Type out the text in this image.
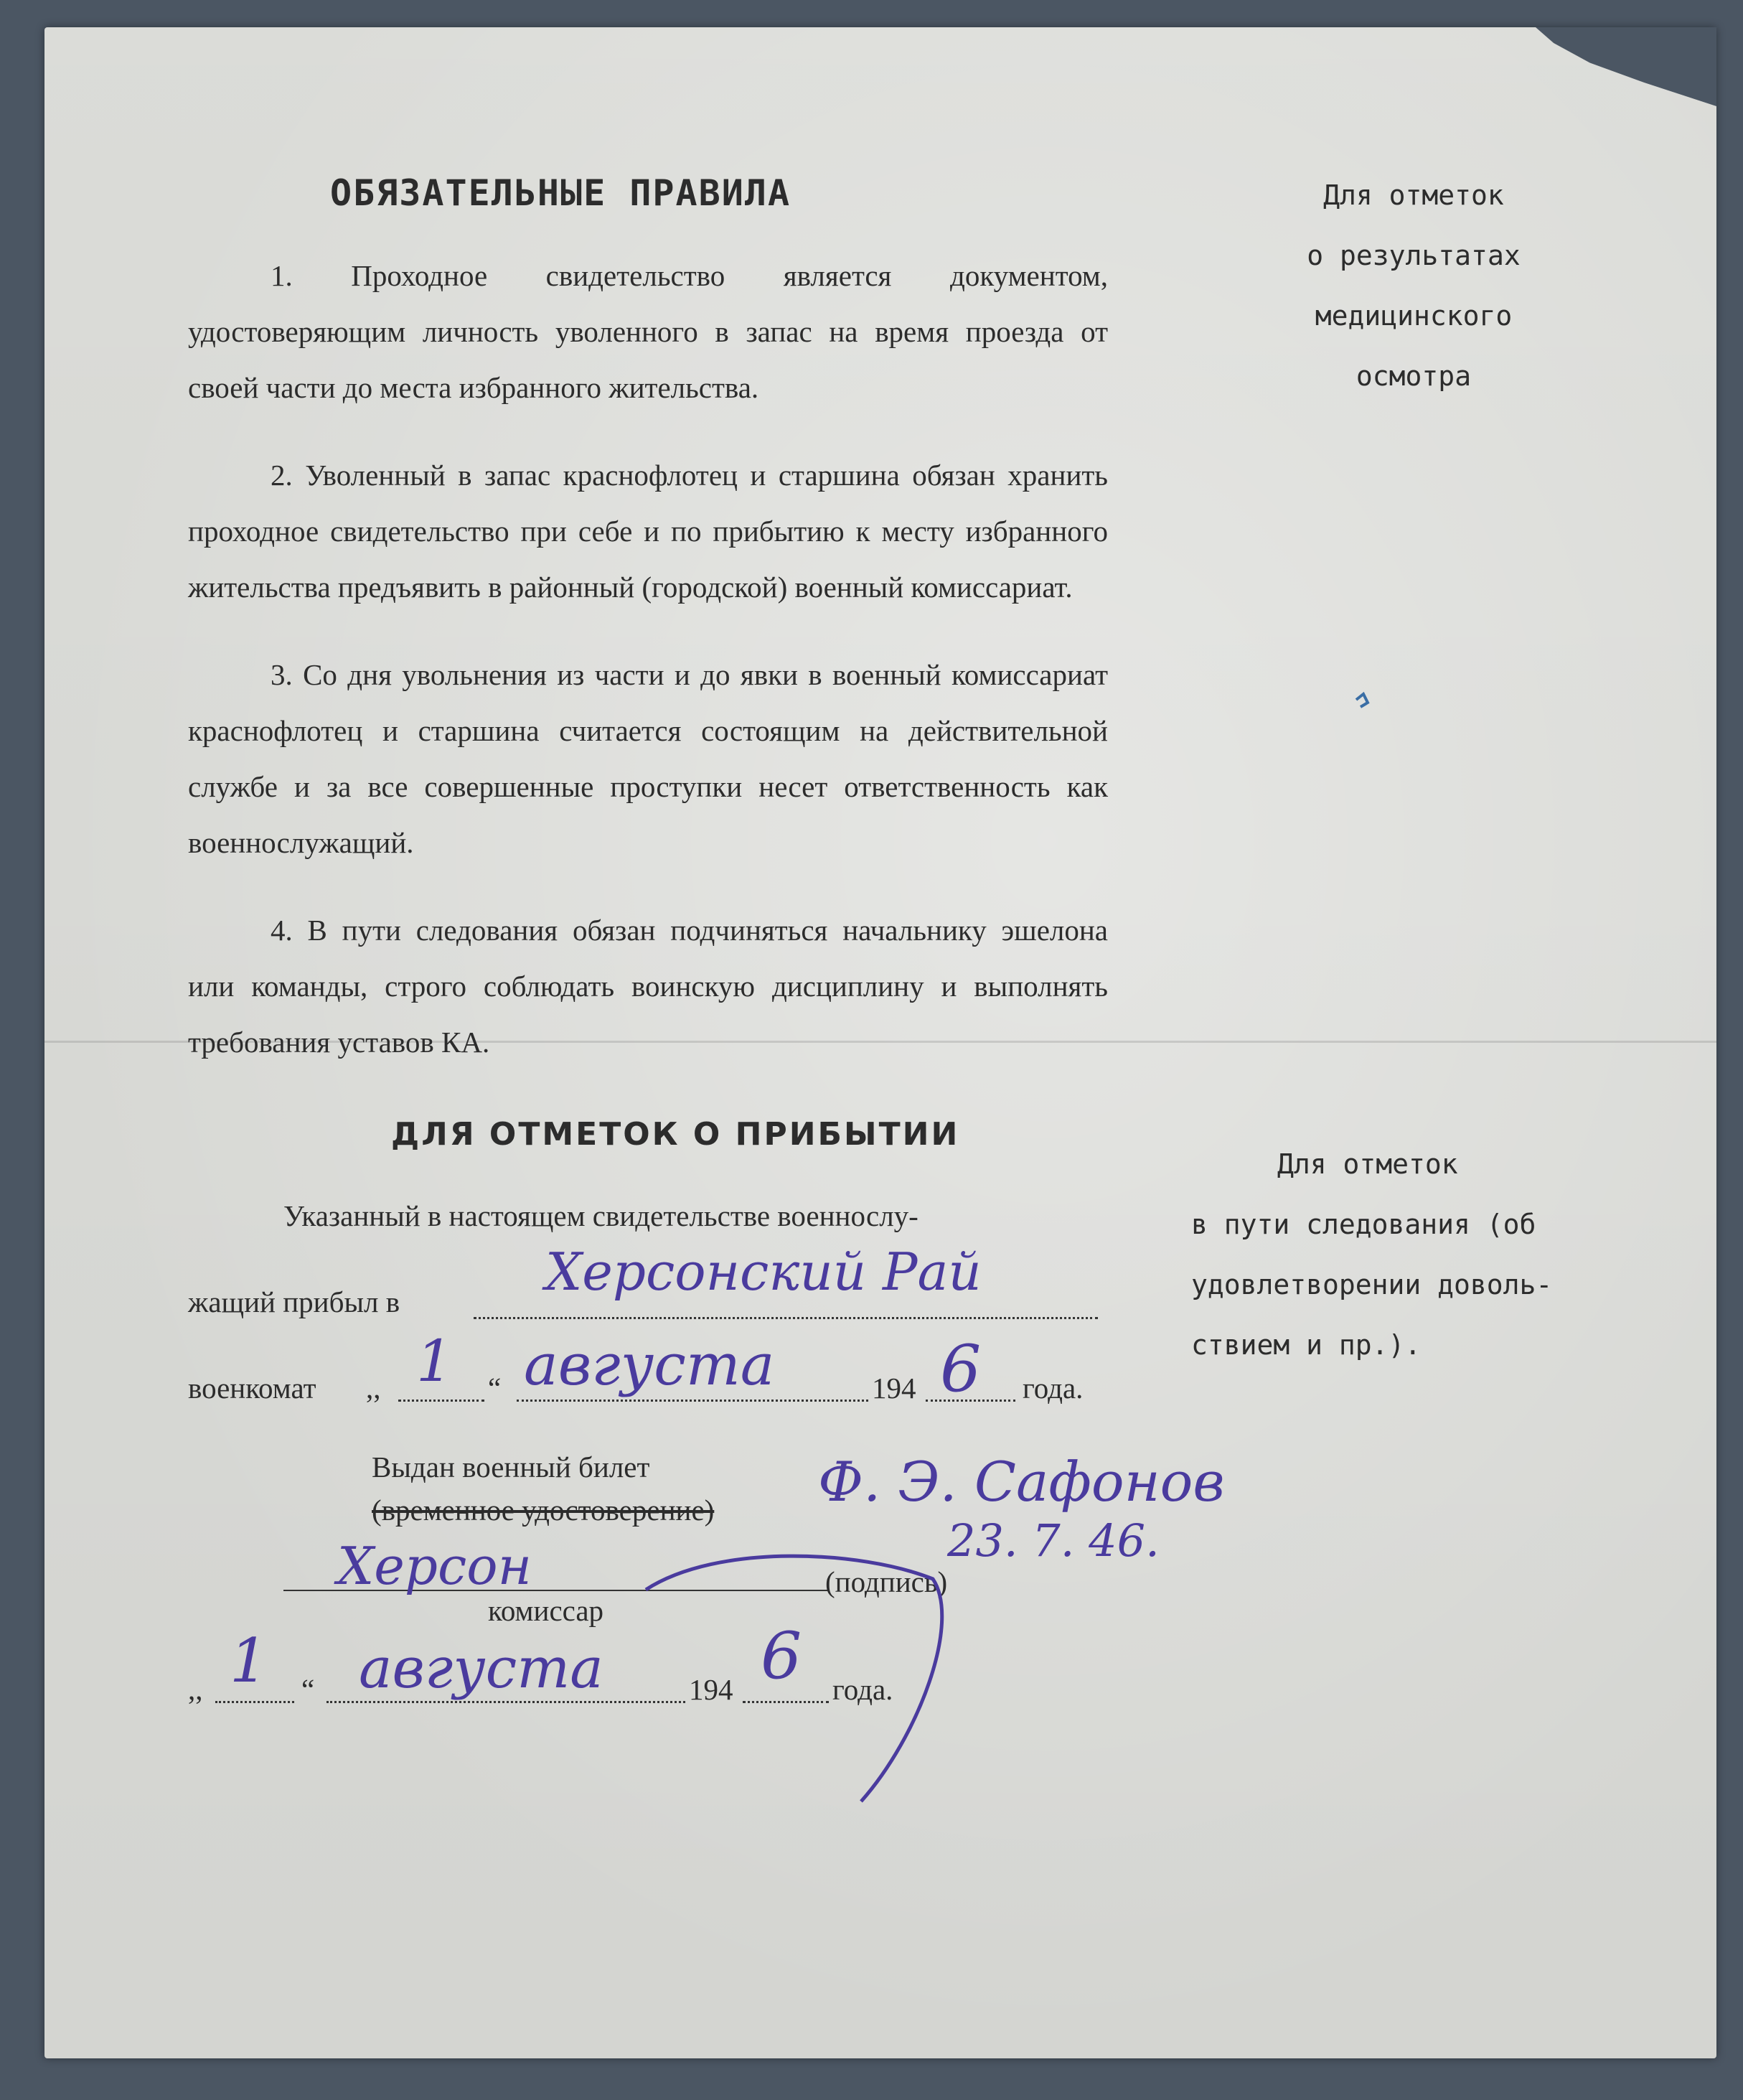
ОБЯЗАТЕЛЬНЫЕ ПРАВИЛА

1. Проходное свидетельство является документом, удостоверяющим личность уволенного в запас на время проезда от своей части до места избранного жительства.

2. Уволенный в запас краснофлотец и старшина обязан хранить проходное свидетельство при себе и по прибытию к месту избранного жительства предъявить в районный (городской) военный комиссариат.

3. Со дня увольнения из части и до явки в военный комиссариат краснофлотец и старшина считается состоящим на действительной службе и за все совершенные проступки несет ответственность как военнослужащий.

4. В пути следования обязан подчиняться начальнику эшелона или команды, строго соблюдать воинскую дисциплину и выполнять требования уставов КА.

Для отметок
о результатах
медицинского
осмотра
ДЛЯ ОТМЕТОК О ПРИБЫТИИ
Указанный в настоящем свидетельстве военнослу-
жащий прибыл в	Херсонский Рай
военкомат ,, 1 “ августа	194 6 года.
Выдан военный билет
(временное удостоверение) Ф. Э. Сафонов
23. 7. 46.
Херсон	(подпись)
комиссар
,, 1 “ августа	194 6 года.
Для отметок
в пути следования (об
удовлетворении доволь-
ствием и пр.).
